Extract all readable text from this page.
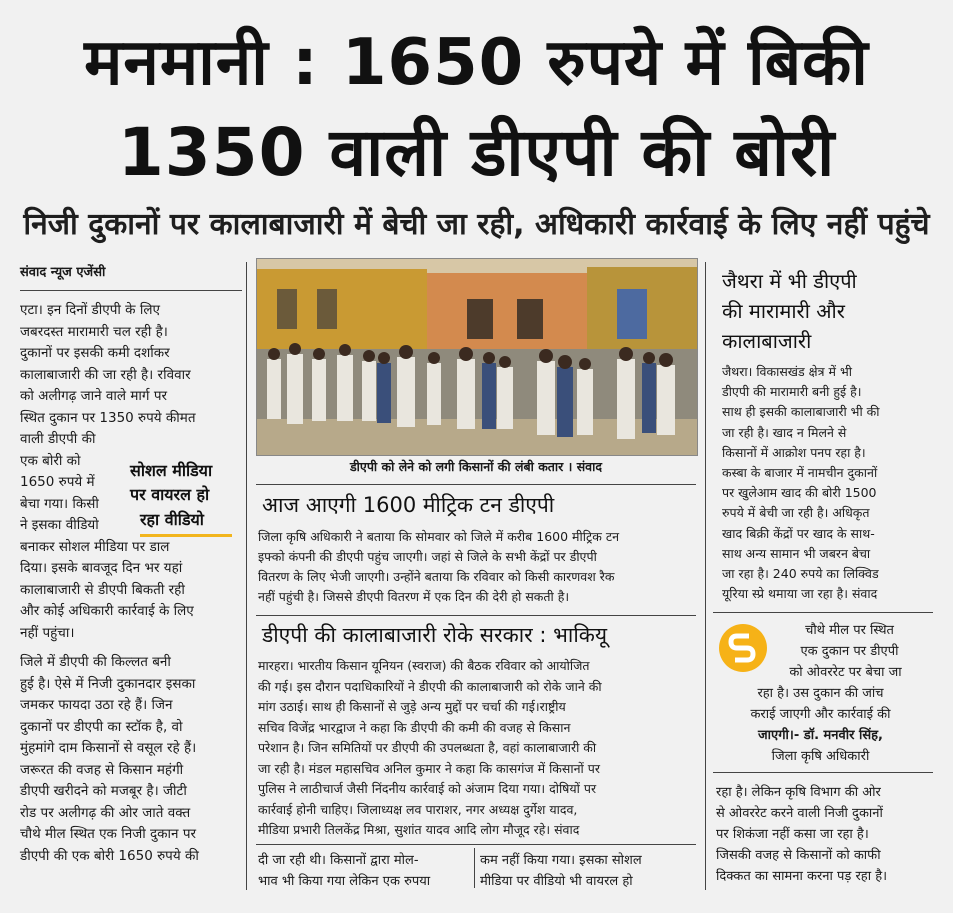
मनमानी : 1650 रुपये में बिकी
1350 वाली डीएपी की बोरी
निजी दुकानों पर कालाबाजारी में बेची जा रही, अधिकारी कार्रवाई के लिए नहीं पहुंचे
संवाद न्यूज एजेंसी

एटा। इन दिनों डीएपी के लिए

जबरदस्त मारामारी चल रही है।

दुकानों पर इसकी कमी दर्शाकर

कालाबाजारी की जा रही है। रविवार

को अलीगढ़ जाने वाले मार्ग पर

स्थित दुकान पर 1350 रुपये कीमत

वाली डीएपी की

एक बोरी को

1650 रुपये में

बेचा गया। किसी

ने इसका वीडियो

बनाकर सोशल मीडिया पर डाल

दिया। इसके बावजूद दिन भर यहां

कालाबाजारी से डीएपी बिकती रही

और कोई अधिकारी कार्रवाई के लिए

नहीं पहुंचा।

जिले में डीएपी की किल्लत बनी

हुई है। ऐसे में निजी दुकानदार इसका

जमकर फायदा उठा रहे हैं। जिन

दुकानों पर डीएपी का स्टॉक है, वो

मुंहमांगे दाम किसानों से वसूल रहे हैं।

जरूरत की वजह से किसान महंगी

डीएपी खरीदने को मजबूर है। जीटी

रोड पर अलीगढ़ की ओर जाते वक्त

चौथे मील स्थित एक निजी दुकान पर

डीएपी की एक बोरी 1650 रुपये की

सोशल मीडिया
पर वायरल हो
रहा वीडियो
डीएपी को लेने को लगी किसानों की लंबी कतार । संवाद
आज आएगी 1600 मीट्रिक टन डीएपी

जिला कृषि अधिकारी ने बताया कि सोमवार को जिले में करीब 1600 मीट्रिक टन

इफ्को कंपनी की डीएपी पहुंच जाएगी। जहां से जिले के सभी केंद्रों पर डीएपी

वितरण के लिए भेजी जाएगी। उन्होंने बताया कि रविवार को किसी कारणवश रैक

नहीं पहुंची है। जिससे डीएपी वितरण में एक दिन की देरी हो सकती है।

डीएपी की कालाबाजारी रोके सरकार : भाकियू

मारहरा। भारतीय किसान यूनियन (स्वराज) की बैठक रविवार को आयोजित

की गई। इस दौरान पदाधिकारियों ने डीएपी की कालाबाजारी को रोके जाने की

मांग उठाई। साथ ही किसानों से जुड़े अन्य मुद्दों पर चर्चा की गई।राष्ट्रीय

सचिव विजेंद्र भारद्वाज ने कहा कि डीएपी की कमी की वजह से किसान

परेशान है। जिन समितियों पर डीएपी की उपलब्धता है, वहां कालाबाजारी की

जा रही है। मंडल महासचिव अनिल कुमार ने कहा कि कासगंज में किसानों पर

पुलिस ने लाठीचार्ज जैसी निंदनीय कार्रवाई को अंजाम दिया गया। दोषियों पर

कार्रवाई होनी चाहिए। जिलाध्यक्ष लव पाराशर, नगर अध्यक्ष दुर्गेश यादव,

मीडिया प्रभारी तिलकेंद्र मिश्रा, सुशांत यादव आदि लोग मौजूद रहे। संवाद

दी जा रही थी। किसानों द्वारा मोल-

भाव भी किया गया लेकिन एक रुपया

कम नहीं किया गया। इसका सोशल

मीडिया पर वीडियो भी वायरल हो

जैथरा में भी डीएपी
की मारामारी और
कालाबाजारी

जैथरा। विकासखंड क्षेत्र में भी

डीएपी की मारामारी बनी हुई है।

साथ ही इसकी कालाबाजारी भी की

जा रही है। खाद न मिलने से

किसानों में आक्रोश पनप रहा है।

कस्बा के बाजार में नामचीन दुकानों

पर खुलेआम खाद की बोरी 1500

रुपये में बेची जा रही है। अधिकृत

खाद बिक्री केंद्रों पर खाद के साथ-

साथ अन्य सामान भी जबरन बेचा

जा रहा है। 240 रुपये का लिक्विड

यूरिया स्प्रे थमाया जा रहा है। संवाद

चौथे मील पर स्थित

एक दुकान पर डीएपी

को ओवररेट पर बेचा जा

रहा है। उस दुकान की जांच

कराई जाएगी और कार्रवाई की

जाएगी।- डॉ. मनवीर सिंह,

जिला कृषि अधिकारी

रहा है। लेकिन कृषि विभाग की ओर

से ओवररेट करने वाली निजी दुकानों

पर शिकंजा नहीं कसा जा रहा है।

जिसकी वजह से किसानों को काफी

दिक्कत का सामना करना पड़ रहा है।
